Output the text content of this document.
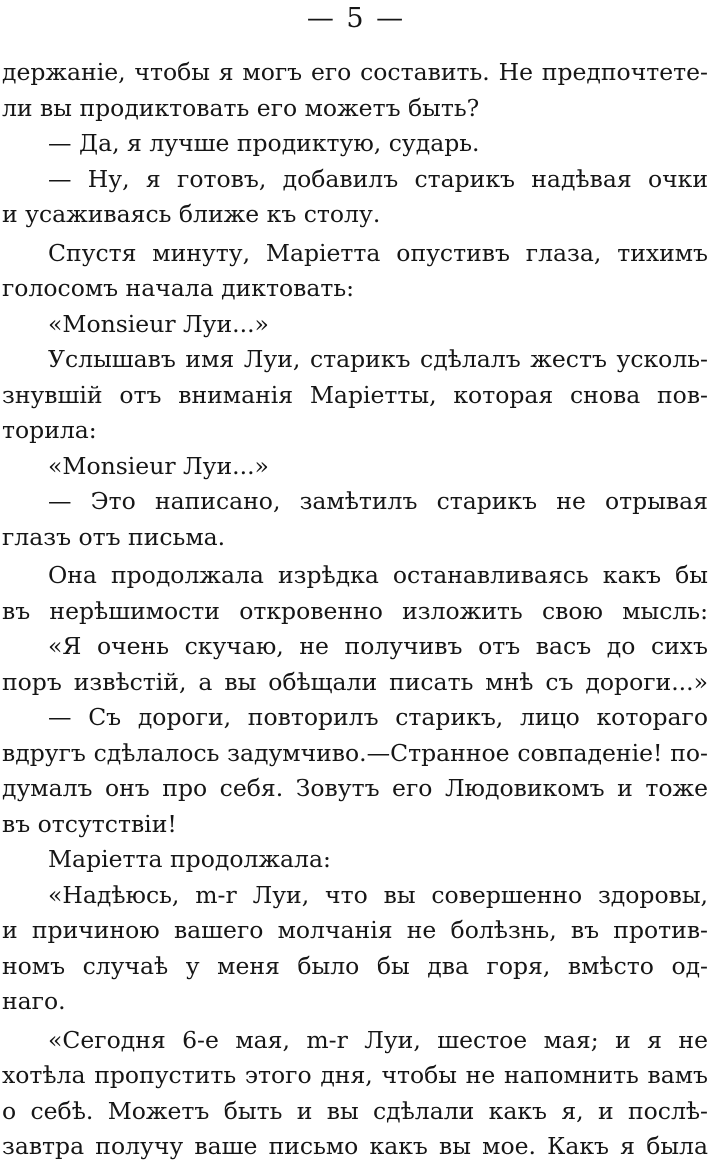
— 5 —
держаніе, чтобы я могъ его составить. Не предпочтете-
ли вы продиктовать его можетъ быть?
— Да, я лучше продиктую, сударь.
— Ну, я готовъ, добавилъ старикъ надѣвая очки
и усаживаясь ближе къ столу.
Спустя минуту, Маріетта опустивъ глаза, тихимъ
голосомъ начала диктовать:
«Monsieur Луи...»
Услышавъ имя Луи, старикъ сдѣлалъ жестъ усколь-
знувшій отъ вниманія Маріетты, которая снова пов-
торила:
«Monsieur Луи...»
— Это написано, замѣтилъ старикъ не отрывая
глазъ отъ письма.
Она продолжала изрѣдка останавливаясь какъ бы
въ нерѣшимости откровенно изложить свою мысль:
«Я очень скучаю, не получивъ отъ васъ до сихъ
поръ извѣстій, а вы обѣщали писать мнѣ съ дороги...»
— Съ дороги, повторилъ старикъ, лицо котораго
вдругъ сдѣлалось задумчиво.—Странное совпаденіе! по-
думалъ онъ про себя. Зовутъ его Людовикомъ и тоже
въ отсутствіи!
Маріетта продолжала:
«Надѣюсь, m-r Луи, что вы совершенно здоровы,
и причиною вашего молчанія не болѣзнь, въ против-
номъ случаѣ у меня было бы два горя, вмѣсто од-
наго.
«Сегодня 6-е мая, m-r Луи, шестое мая; и я не
хотѣла пропустить этого дня, чтобы не напомнить вамъ
о себѣ. Можетъ быть и вы сдѣлали какъ я, и послѣ-
завтра получу ваше письмо какъ вы мое. Какъ я была
